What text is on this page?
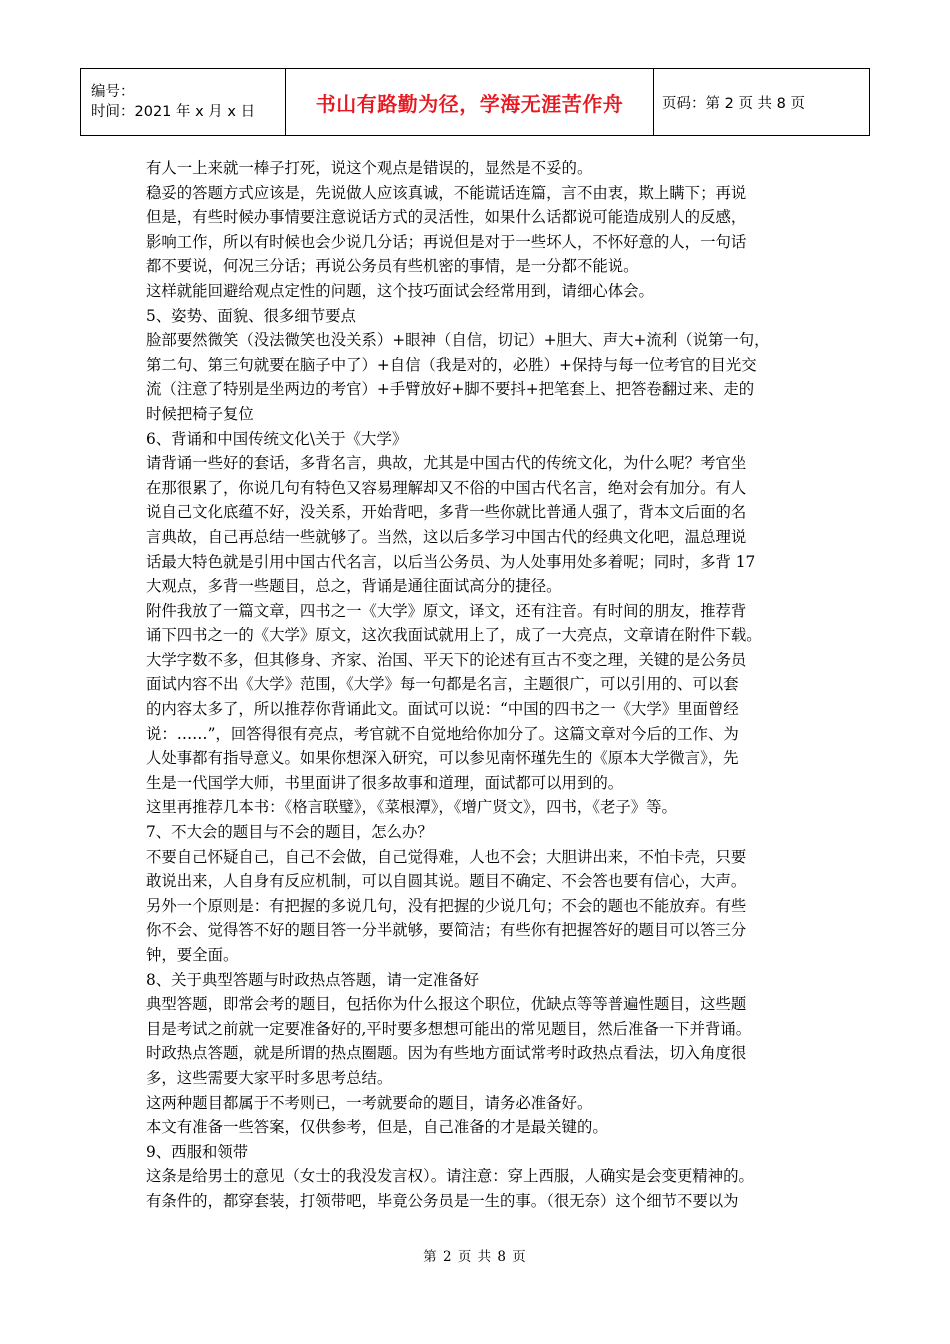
编号：
时间：2021 年 x 月 x 日	书山有路勤为径，学海无涯苦作舟	页码：第 2 页 共 8 页

有人一上来就一棒子打死，说这个观点是错误的，显然是不妥的。

稳妥的答题方式应该是，先说做人应该真诚，不能谎话连篇，言不由衷，欺上瞒下；再说

但是，有些时候办事情要注意说话方式的灵活性，如果什么话都说可能造成别人的反感，

影响工作，所以有时候也会少说几分话；再说但是对于一些坏人，不怀好意的人，一句话

都不要说，何况三分话；再说公务员有些机密的事情，是一分都不能说。

这样就能回避给观点定性的问题，这个技巧面试会经常用到，请细心体会。

5、姿势、面貌、很多细节要点

脸部要然微笑（没法微笑也没关系）+眼神（自信，切记）+胆大、声大+流利（说第一句，

第二句、第三句就要在脑子中了）+自信（我是对的，必胜）+保持与每一位考官的目光交

流（注意了特别是坐两边的考官）+手臂放好+脚不要抖+把笔套上、把答卷翻过来、走的

时候把椅子复位

6、背诵和中国传统文化\关于《大学》

请背诵一些好的套话，多背名言，典故，尤其是中国古代的传统文化，为什么呢？考官坐

在那很累了，你说几句有特色又容易理解却又不俗的中国古代名言，绝对会有加分。有人

说自己文化底蕴不好，没关系，开始背吧，多背一些你就比普通人强了，背本文后面的名

言典故，自己再总结一些就够了。当然，这以后多学习中国古代的经典文化吧，温总理说

话最大特色就是引用中国古代名言，以后当公务员、为人处事用处多着呢；同时，多背 17

大观点，多背一些题目，总之，背诵是通往面试高分的捷径。

附件我放了一篇文章，四书之一《大学》原文，译文，还有注音。有时间的朋友，推荐背

诵下四书之一的《大学》原文，这次我面试就用上了，成了一大亮点，文章请在附件下载。

大学字数不多，但其修身、齐家、治国、平天下的论述有亘古不变之理，关键的是公务员

面试内容不出《大学》范围，《大学》每一句都是名言，主题很广，可以引用的、可以套

的内容太多了，所以推荐你背诵此文。面试可以说：“中国的四书之一《大学》里面曾经

说：……”，回答得很有亮点，考官就不自觉地给你加分了。这篇文章对今后的工作、为

人处事都有指导意义。如果你想深入研究，可以参见南怀瑾先生的《原本大学微言》，先

生是一代国学大师，书里面讲了很多故事和道理，面试都可以用到的。

这里再推荐几本书：《格言联璧》，《菜根潭》，《增广贤文》，四书，《老子》等。

7、不大会的题目与不会的题目，怎么办？

不要自己怀疑自己，自己不会做，自己觉得难，人也不会；大胆讲出来，不怕卡壳，只要

敢说出来，人自身有反应机制，可以自圆其说。题目不确定、不会答也要有信心，大声。

另外一个原则是：有把握的多说几句，没有把握的少说几句；不会的题也不能放弃。有些

你不会、觉得答不好的题目答一分半就够，要简洁；有些你有把握答好的题目可以答三分

钟，要全面。

8、关于典型答题与时政热点答题，请一定准备好

典型答题，即常会考的题目，包括你为什么报这个职位，优缺点等等普遍性题目，这些题

目是考试之前就一定要准备好的,平时要多想想可能出的常见题目，然后准备一下并背诵。

时政热点答题，就是所谓的热点圈题。因为有些地方面试常考时政热点看法，切入角度很

多，这些需要大家平时多思考总结。

这两种题目都属于不考则已，一考就要命的题目，请务必准备好。

本文有准备一些答案，仅供参考，但是，自己准备的才是最关键的。

9、西服和领带

这条是给男士的意见（女士的我没发言权）。请注意：穿上西服，人确实是会变更精神的。

有条件的，都穿套装，打领带吧，毕竟公务员是一生的事。（很无奈）这个细节不要以为

第 2 页 共 8 页
